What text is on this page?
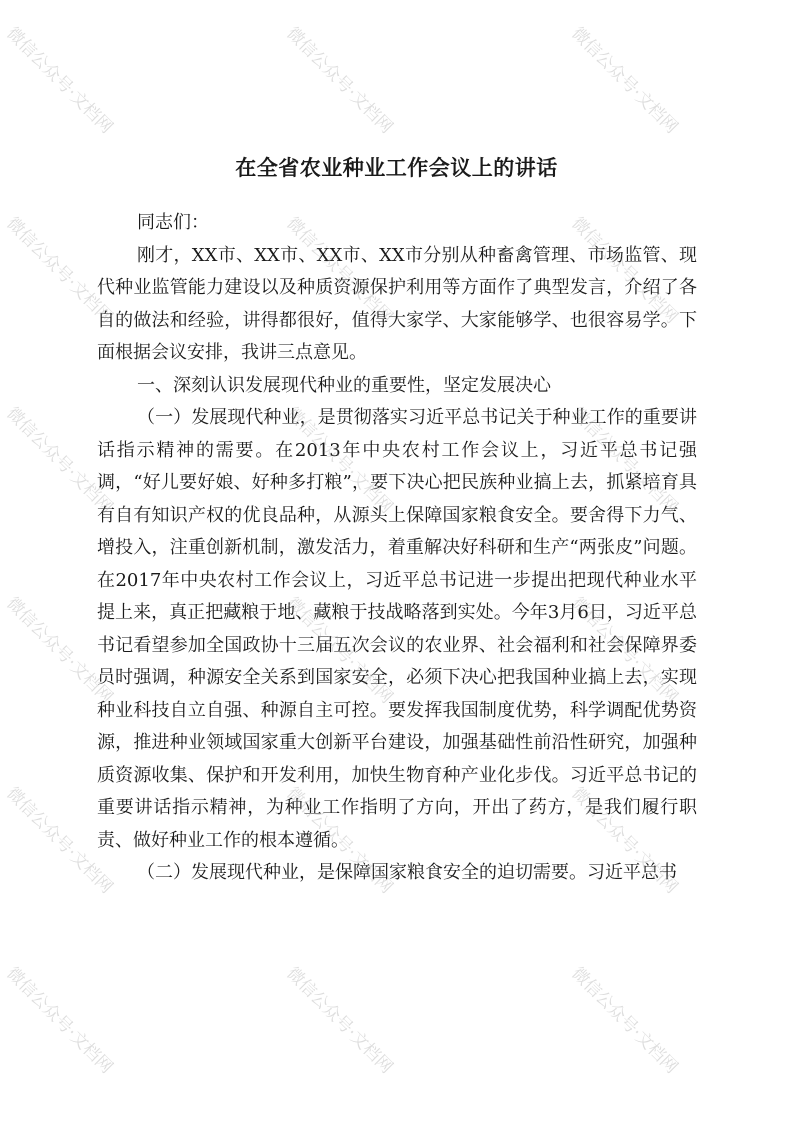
在全省农业种业工作会议上的讲话

同志们：

刚才，XX市、XX市、XX市、XX市分别从种畜禽管理、市场监管、现代种业监管能力建设以及种质资源保护利用等方面作了典型发言，介绍了各自的做法和经验，讲得都很好，值得大家学、大家能够学、也很容易学。下面根据会议安排，我讲三点意见。

一、深刻认识发展现代种业的重要性，坚定发展决心

（一）发展现代种业，是贯彻落实习近平总书记关于种业工作的重要讲话指示精神的需要。在2013年中央农村工作会议上，习近平总书记强调，“好儿要好娘、好种多打粮”，要下决心把民族种业搞上去，抓紧培育具有自有知识产权的优良品种，从源头上保障国家粮食安全。要舍得下力气、增投入，注重创新机制，激发活力，着重解决好科研和生产“两张皮”问题。在2017年中央农村工作会议上，习近平总书记进一步提出把现代种业水平提上来，真正把藏粮于地、藏粮于技战略落到实处。今年3月6日，习近平总书记看望参加全国政协十三届五次会议的农业界、社会福利和社会保障界委员时强调，种源安全关系到国家安全，必须下决心把我国种业搞上去，实现种业科技自立自强、种源自主可控。要发挥我国制度优势，科学调配优势资源，推进种业领域国家重大创新平台建设，加强基础性前沿性研究，加强种质资源收集、保护和开发利用，加快生物育种产业化步伐。习近平总书记的重要讲话指示精神，为种业工作指明了方向，开出了药方，是我们履行职责、做好种业工作的根本遵循。

（二）发展现代种业，是保障国家粮食安全的迫切需要。习近平总书

微信公众号·文档网	微信公众号·文档网	微信公众号·文档网
微信公众号·文档网	微信公众号·文档网	微信公众号·文档网
微信公众号·文档网	微信公众号·文档网	微信公众号·文档网
微信公众号·文档网	微信公众号·文档网	微信公众号·文档网
微信公众号·文档网	微信公众号·文档网	微信公众号·文档网
微信公众号·文档网	微信公众号·文档网	微信公众号·文档网
